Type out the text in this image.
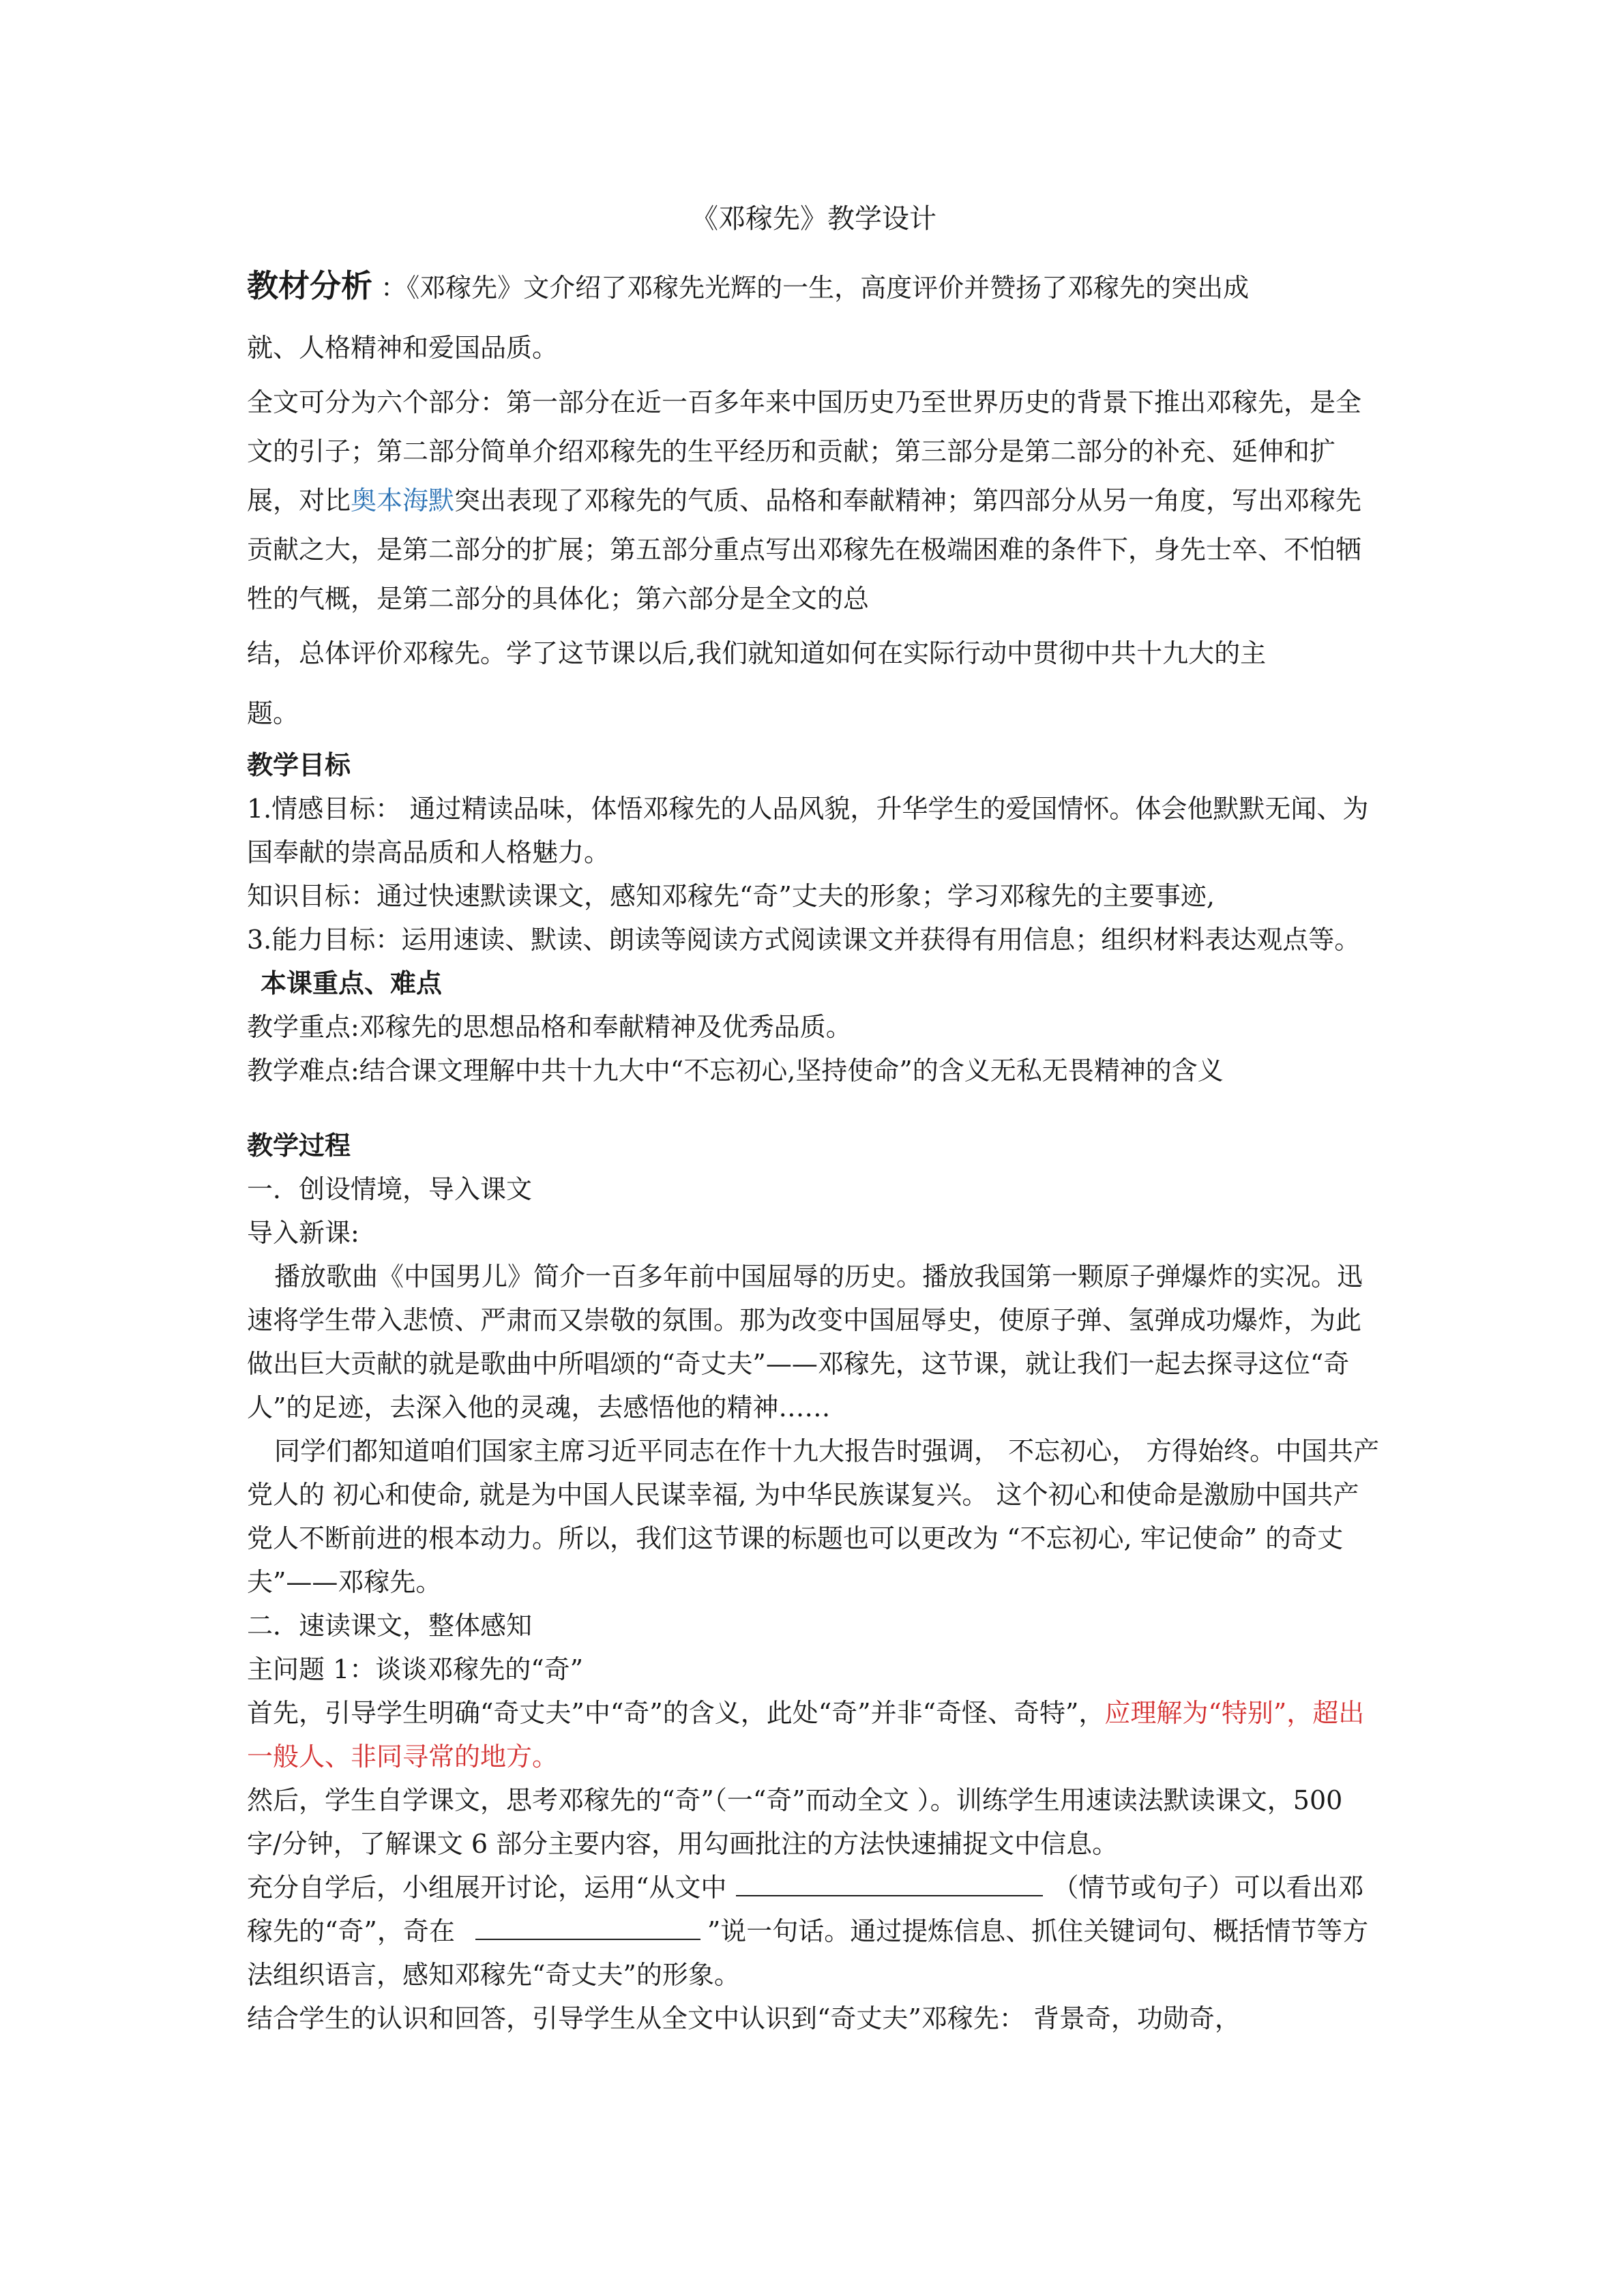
《邓稼先》教学设计

教材分析 ：《邓稼先》文介绍了邓稼先光辉的一生，高度评价并赞扬了邓稼先的突出成

就、人格精神和爱国品质。

全文可分为六个部分：第一部分在近一百多年来中国历史乃至世界历史的背景下推出邓稼先，是全文的引子；第二部分简单介绍邓稼先的生平经历和贡献；第三部分是第二部分的补充、延伸和扩展，对比奥本海默突出表现了邓稼先的气质、品格和奉献精神；第四部分从另一角度，写出邓稼先贡献之大，是第二部分的扩展；第五部分重点写出邓稼先在极端困难的条件下，身先士卒、不怕牺牲的气概，是第二部分的具体化；第六部分是全文的总

结，总体评价邓稼先。学了这节课以后,我们就知道如何在实际行动中贯彻中共十九大的主

题。

教学目标

1.情感目标： 通过精读品味，体悟邓稼先的人品风貌，升华学生的爱国情怀。体会他默默无闻、为国奉献的崇高品质和人格魅力。

知识目标：通过快速默读课文，感知邓稼先“奇”丈夫的形象；学习邓稼先的主要事迹,

3.能力目标：运用速读、默读、朗读等阅读方式阅读课文并获得有用信息；组织材料表达观点等。

本课重点、难点

教学重点:邓稼先的思想品格和奉献精神及优秀品质。

教学难点:结合课文理解中共十九大中“不忘初心,坚持使命”的含义无私无畏精神的含义

教学过程

一．创设情境，导入课文

导入新课:

播放歌曲《中国男儿》简介一百多年前中国屈辱的历史。播放我国第一颗原子弹爆炸的实况。迅速将学生带入悲愤、严肃而又崇敬的氛围。那为改变中国屈辱史，使原子弹、氢弹成功爆炸，为此做出巨大贡献的就是歌曲中所唱颂的“奇丈夫”——邓稼先，这节课，就让我们一起去探寻这位“奇人”的足迹，去深入他的灵魂，去感悟他的精神……

同学们都知道咱们国家主席习近平同志在作十九大报告时强调， 不忘初心， 方得始终。中国共产党人的 初心和使命, 就是为中国人民谋幸福, 为中华民族谋复兴。 这个初心和使命是激励中国共产党人不断前进的根本动力。所以，我们这节课的标题也可以更改为 “不忘初心, 牢记使命” 的奇丈夫”——邓稼先。

二．速读课文，整体感知

主问题 1：谈谈邓稼先的“奇”

首先，引导学生明确“奇丈夫”中“奇”的含义，此处“奇”并非“奇怪、奇特”，应理解为“特别”，超出一般人、非同寻常的地方。

然后，学生自学课文，思考邓稼先的“奇”（一“奇”而动全文 ）。训练学生用速读法默读课文，500 字/分钟，了解课文 6 部分主要内容，用勾画批注的方法快速捕捉文中信息。

充分自学后，小组展开讨论，运用“从文中	（情节或句子）可以看出邓稼先的“奇”，奇在	”说一句话。通过提炼信息、抓住关键词句、概括情节等方法组织语言，感知邓稼先“奇丈夫”的形象。

结合学生的认识和回答，引导学生从全文中认识到“奇丈夫”邓稼先： 背景奇，功勋奇，
